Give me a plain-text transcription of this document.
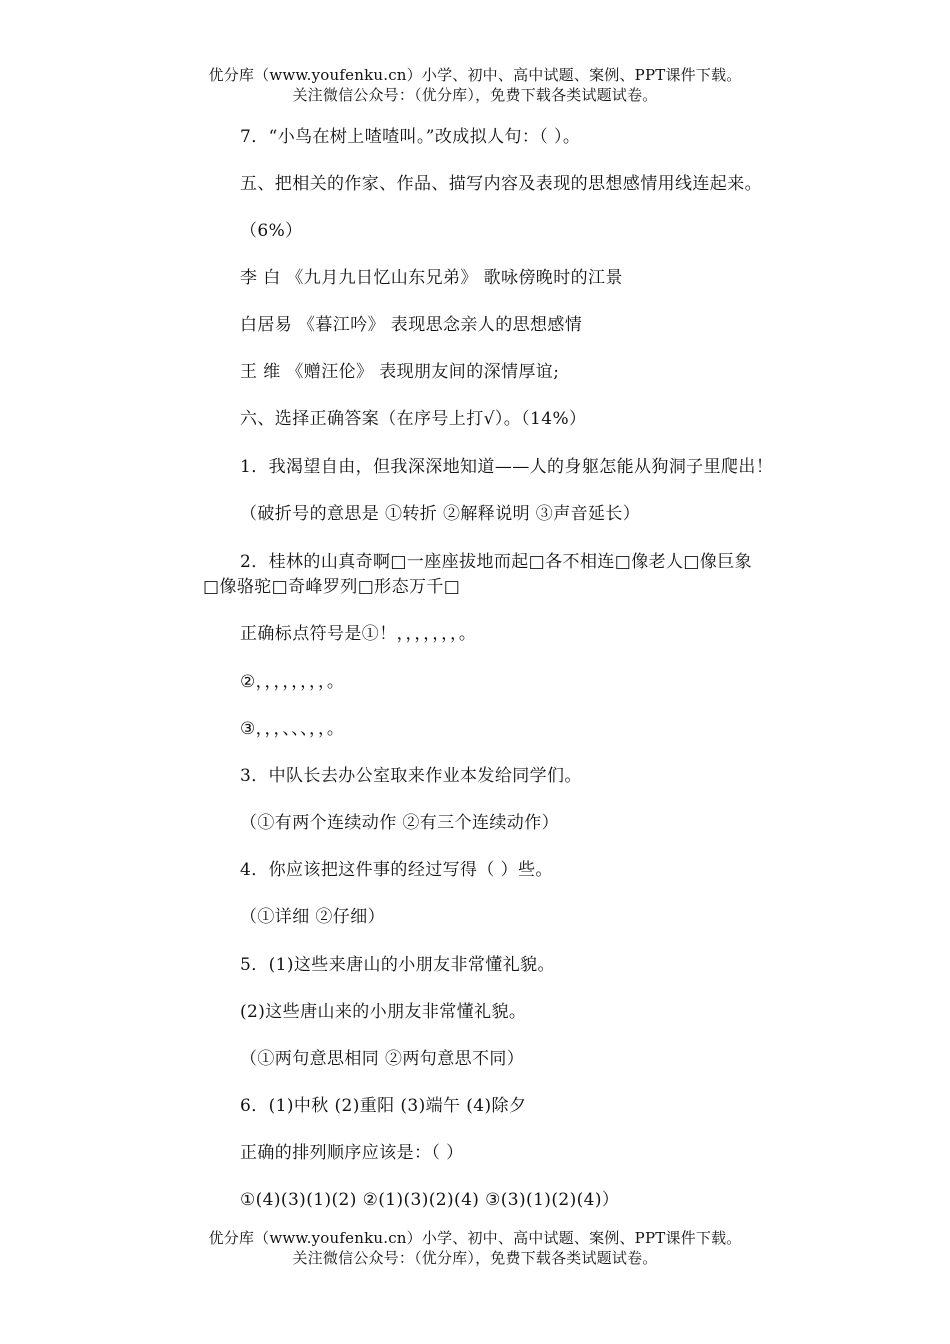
优分库（www.youfenku.cn）小学、初中、高中试题、案例、PPT课件下载。
关注微信公众号：（优分库），免费下载各类试题试卷。
7．“小鸟在树上喳喳叫。”改成拟人句：（ ）。
五、把相关的作家、作品、描写内容及表现的思想感情用线连起来。
（6%）
李 白 《九月九日忆山东兄弟》 歌咏傍晚时的江景
白居易 《暮江吟》 表现思念亲人的思想感情
王 维 《赠汪伦》 表现朋友间的深情厚谊;
六、选择正确答案（在序号上打√）。（14%）
1．我渴望自由，但我深深地知道——人的身躯怎能从狗洞子里爬出！
（破折号的意思是 ①转折 ②解释说明 ③声音延长）
2．桂林的山真奇啊□一座座拔地而起□各不相连□像老人□像巨象
□像骆驼□奇峰罗列□形态万千□
正确标点符号是①！，，，，，，，。
②，，，，，，，，。
③，，，、、、，，。
3．中队长去办公室取来作业本发给同学们。
（①有两个连续动作 ②有三个连续动作）
4．你应该把这件事的经过写得（ ）些。
（①详细 ②仔细）
5．(1)这些来唐山的小朋友非常懂礼貌。
(2)这些唐山来的小朋友非常懂礼貌。
（①两句意思相同 ②两句意思不同）
6．(1)中秋 (2)重阳 (3)端午 (4)除夕
正确的排列顺序应该是：（ ）
①(4)(3)(1)(2) ②(1)(3)(2)(4) ③(3)(1)(2)(4)）
优分库（www.youfenku.cn）小学、初中、高中试题、案例、PPT课件下载。
关注微信公众号：（优分库），免费下载各类试题试卷。
